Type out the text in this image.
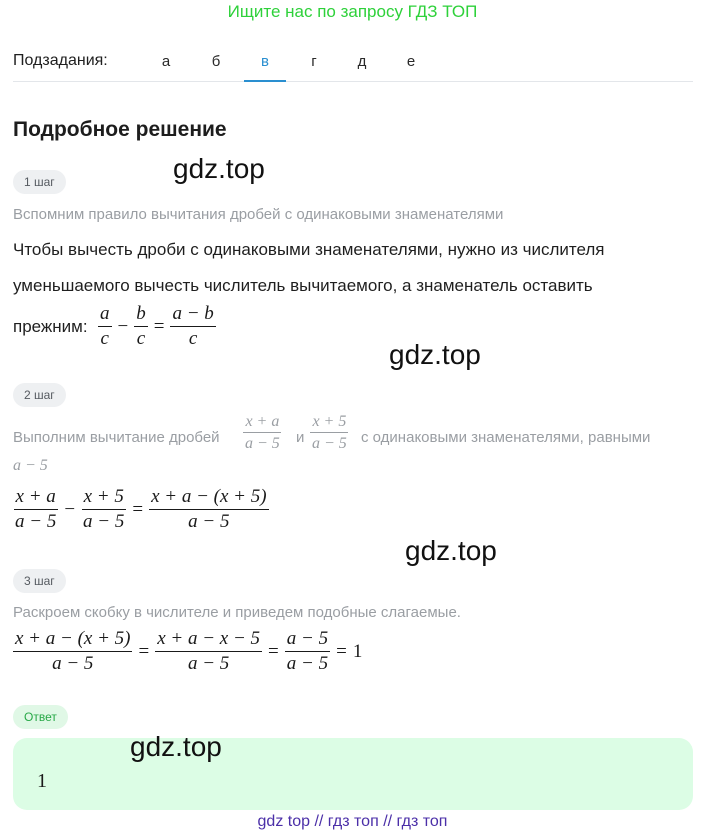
Ищите нас по запросу ГДЗ ТОП
Подзадания:	а	б	в	г	д	е
Подробное решение
1 шаг	gdz.top
Вспомним правило вычитания дробей с одинаковыми знаменателями
Чтобы вычесть дроби с одинаковыми знаменателями, нужно из числителя
уменьшаемого вычесть числитель вычитаемого, а знаменатель оставить
прежним: $\frac{a}{c} - \frac{b}{c} = \frac{a - b}{c}$
gdz.top
2 шаг
Выполним вычитание дробей $\frac{x + a}{a - 5}$ и $\frac{x + 5}{a - 5}$ с одинаковыми знаменателями, равными
a − 5
$\frac{x + a}{a - 5} - \frac{x + 5}{a - 5} = \frac{x + a - (x + 5)}{a - 5}$
gdz.top
3 шаг
Раскроем скобку в числителе и приведем подобные слагаемые.
$\frac{x + a - (x + 5)}{a - 5} = \frac{x + a - x - 5}{a - 5} = \frac{a - 5}{a - 5} = 1$
Ответ
1
gdz.top
gdz top // гдз топ // гдз топ
